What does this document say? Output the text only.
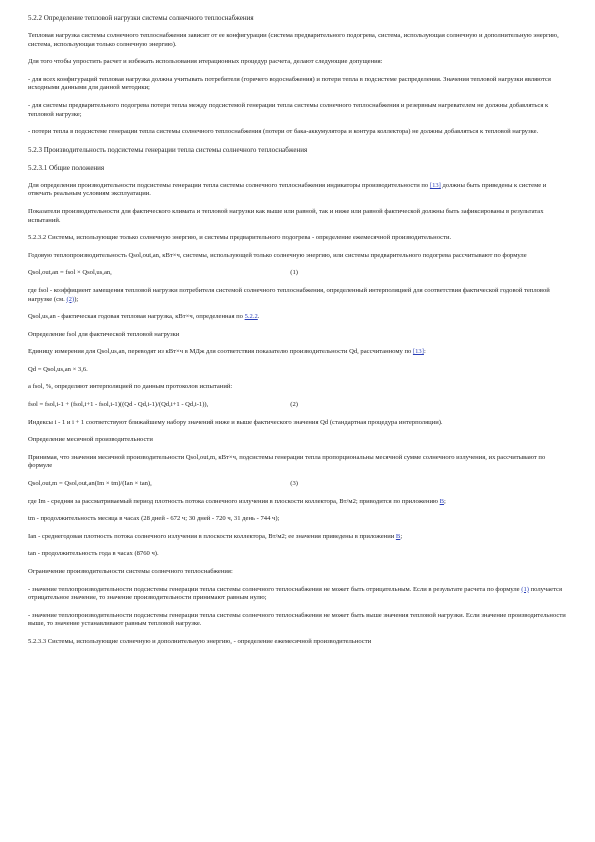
5.2.2 Определение тепловой нагрузки системы солнечного теплоснабжения
Тепловая нагрузка системы солнечного теплоснабжения зависит от ее конфигурации (система предварительного подогрева, система, использующая солнечную и дополнительную энергию, система, использующая только солнечную энергию).
Для того чтобы упростить расчет и избежать использования итерационных процедур расчета, делают следующие допущения:
- для всех конфигураций тепловая нагрузка должна учитывать потребителя (горячего водоснабжения) и потери тепла в подсистеме распределения. Значения тепловой нагрузки являются исходными данными для данной методики;
- для системы предварительного подогрева потери тепла между подсистемой генерации тепла системы солнечного теплоснабжения и резервным нагревателем не должны добавляться к тепловой нагрузке;
- потери тепла в подсистеме генерации тепла системы солнечного теплоснабжения (потери от бака-аккумулятора и контура коллектора) не должны добавляться к тепловой нагрузке.
5.2.3 Производительность подсистемы генерации тепла системы солнечного теплоснабжения
5.2.3.1 Общие положения
Для определения производительности подсистемы генерации тепла системы солнечного теплоснабжения индикаторы производительности по [13] должны быть приведены к системе и отвечать реальным условиям эксплуатации.
Показатели производительности для фактического климата и тепловой нагрузки как выше или равной, так и ниже или равной фактической должны быть зафиксированы в результатах испытаний.
5.2.3.2 Системы, использующие только солнечную энергию, и системы предварительного подогрева - определение ежемесячной производительности.
Годовую теплопроизводительность Qsol,out,an, кВт×ч, системы, использующей только солнечную энергию, или системы предварительного подогрева рассчитывают по формуле
Qsol,out,an = fsol × Qsol,us,an,	(1)
где fsol - коэффициент замещения тепловой нагрузки потребителя системой солнечного теплоснабжения, определенный интерполяцией для соответствия фактической годовой тепловой нагрузке (см. (2));
Qsol,us,an - фактическая годовая тепловая нагрузка, кВт×ч, определенная по 5.2.2.
Определение fsol для фактической тепловой нагрузки
Единицу измерения для Qsol,us,an, переводят из кВт×ч в МДж для соответствия показателю производительности Qd, рассчитанному по [13]:
Qd = Qsol,us,an × 3,6.
а fsol, %, определяют интерполяцией по данным протоколов испытаний:
fsol = fsol,i-1 + (fsol,i+1 - fsol,i-1)((Qd - Qd,i-1)/(Qd,i+1 - Qd,i-1)),	(2)
Индексы i - 1 и i + 1 соответствуют ближайшему набору значений ниже и выше фактического значения Qd (стандартная процедура интерполяции).
Определение месячной производительности
Принимая, что значения месячной производительности Qsol,out,m, кВт×ч, подсистемы генерации тепла пропорциональны месячной сумме солнечного излучения, их рассчитывают по формуле
Qsol,out,m = Qsol,out,an(Im × tm)/(Ian × tan),	(3)
где Im - средняя за рассматриваемый период плотность потока солнечного излучения в плоскости коллектора, Вт/м2; приводится по приложению В;
tm - продолжительность месяца в часах (28 дней - 672 ч; 30 дней - 720 ч, 31 день - 744 ч);
Ian - среднегодовая плотность потока солнечного излучения в плоскости коллектора, Вт/м2; ее значения приведены в приложении В;
tan - продолжительность года в часах (8760 ч).
Ограничение производительности системы солнечного теплоснабжения:
- значение теплопроизводительности подсистемы генерации тепла системы солнечного теплоснабжения не может быть отрицательным. Если в результате расчета по формуле (1) получается отрицательное значение, то значение производительности принимают равным нулю;
- значение теплопроизводительности подсистемы генерации тепла системы солнечного теплоснабжения не может быть выше значения тепловой нагрузки. Если значение производительности выше, то значение устанавливают равным тепловой нагрузке.
5.2.3.3 Системы, использующие солнечную и дополнительную энергию, - определение ежемесячной производительности
